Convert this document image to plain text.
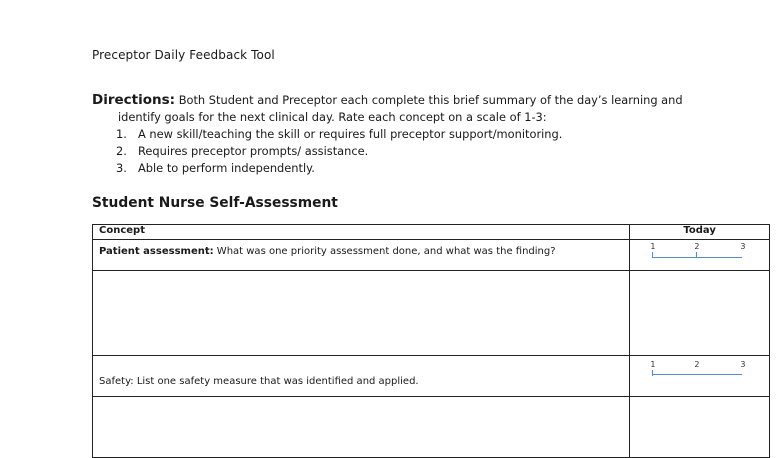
Preceptor Daily Feedback Tool
Directions: Both Student and Preceptor each complete this brief summary of the day’s learning and
identify goals for the next clinical day. Rate each concept on a scale of 1-3:
1. A new skill/teaching the skill or requires full preceptor support/monitoring.
2. Requires preceptor prompts/ assistance.
3. Able to perform independently.
Student Nurse Self-Assessment
Concept	Today
Patient assessment: What was one priority assessment done, and what was the finding?	1 2 3

Safety: List one safety measure that was identified and applied.	1 2 3
